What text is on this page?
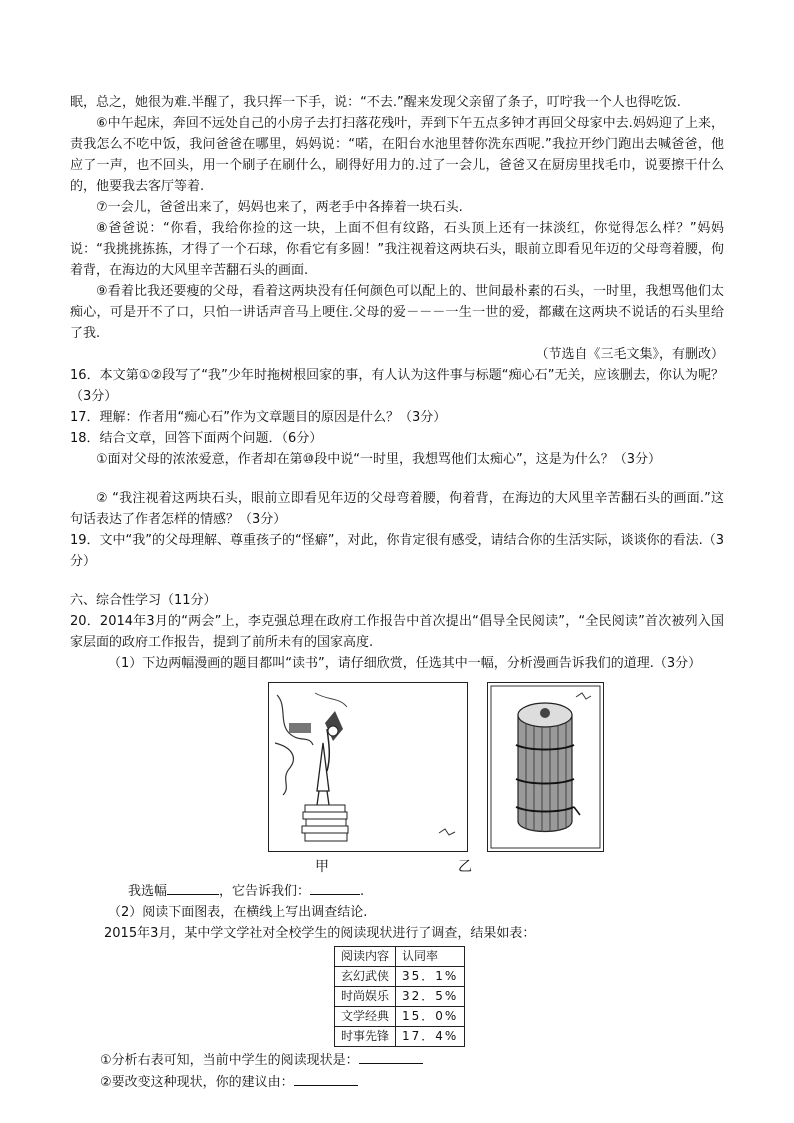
眠，总之，她很为难.半醒了，我只挥一下手，说：“不去.”醒来发现父亲留了条子，叮咛我一个人也得吃饭.

⑥中午起床，奔回不远处自己的小房子去打扫落花残叶，弄到下午五点多钟才再回父母家中去.妈妈迎了上来，责我怎么不吃中饭，我问爸爸在哪里，妈妈说：“喏，在阳台水池里替你洗东西呢.”我拉开纱门跑出去喊爸爸，他应了一声，也不回头，用一个刷子在刷什么，刷得好用力的.过了一会儿，爸爸又在厨房里找毛巾，说要擦干什么的，他要我去客厅等着.

⑦一会儿，爸爸出来了，妈妈也来了，两老手中各捧着一块石头.

⑧爸爸说：“你看，我给你捡的这一块，上面不但有纹路，石头顶上还有一抹淡红，你觉得怎么样？”妈妈说：“我挑挑拣拣，才得了一个石球，你看它有多圆！”我注视着这两块石头，眼前立即看见年迈的父母弯着腰，佝着背，在海边的大风里辛苦翻石头的画面.

⑨看着比我还要瘦的父母，看着这两块没有任何颜色可以配上的、世间最朴素的石头，一时里，我想骂他们太痴心，可是开不了口，只怕一讲话声音马上哽住.父母的爱－－－一生一世的爱，都藏在这两块不说话的石头里给了我.

（节选自《三毛文集》，有删改）

16．本文第①②段写了“我”少年时拖树根回家的事，有人认为这件事与标题“痴心石”无关，应该删去，你认为呢？（3分）

17．理解：作者用“痴心石”作为文章题目的原因是什么？（3分）

18．结合文章，回答下面两个问题．（6分）

①面对父母的浓浓爱意，作者却在第⑩段中说“一时里，我想骂他们太痴心”，这是为什么？（3分）

② “我注视着这两块石头，眼前立即看见年迈的父母弯着腰，佝着背，在海边的大风里辛苦翻石头的画面.”这句话表达了作者怎样的情感？（3分）

19．文中“我”的父母理解、尊重孩子的“怪癖”，对此，你肯定很有感受，请结合你的生活实际，谈谈你的看法.（3分）

六、综合性学习（11分）

20．2014年3月的“两会”上，李克强总理在政府工作报告中首次提出“倡导全民阅读”，“全民阅读”首次被列入国家层面的政府工作报告，提到了前所未有的国家高度.

（1）下边两幅漫画的题目都叫“读书”，请仔细欣赏，任选其中一幅，分析漫画告诉我们的道理.（3分）

甲	乙

我选幅	，它告诉我们：	.

（2）阅读下面图表，在横线上写出调查结论.

2015年3月，某中学文学社对全校学生的阅读现状进行了调查，结果如表：

阅读内容	认同率
玄幻武侠	35．1%
时尚娱乐	32．5%
文学经典	15．0%
时事先锋	17．4%

①分析右表可知，当前中学生的阅读现状是：

②要改变这种现状，你的建议由：
